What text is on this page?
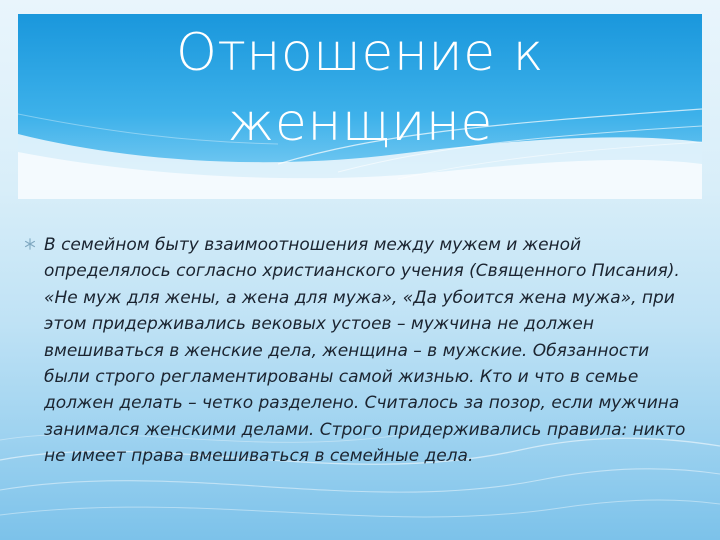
Отношение к
женщине

В семейном быту взаимоотношения между мужем и женой определялось согласно христианского учения (Священного Писания). «Не муж для жены, а жена для мужа», «Да убоится жена мужа», при этом придерживались вековых устоев – мужчина не должен вмешиваться в женские дела, женщина – в мужские. Обязанности были строго регламентированы самой жизнью. Кто и что в семье должен делать – четко разделено. Считалось за позор, если мужчина занимался женскими делами. Строго придерживались правила: никто не имеет права вмешиваться в семейные дела.
